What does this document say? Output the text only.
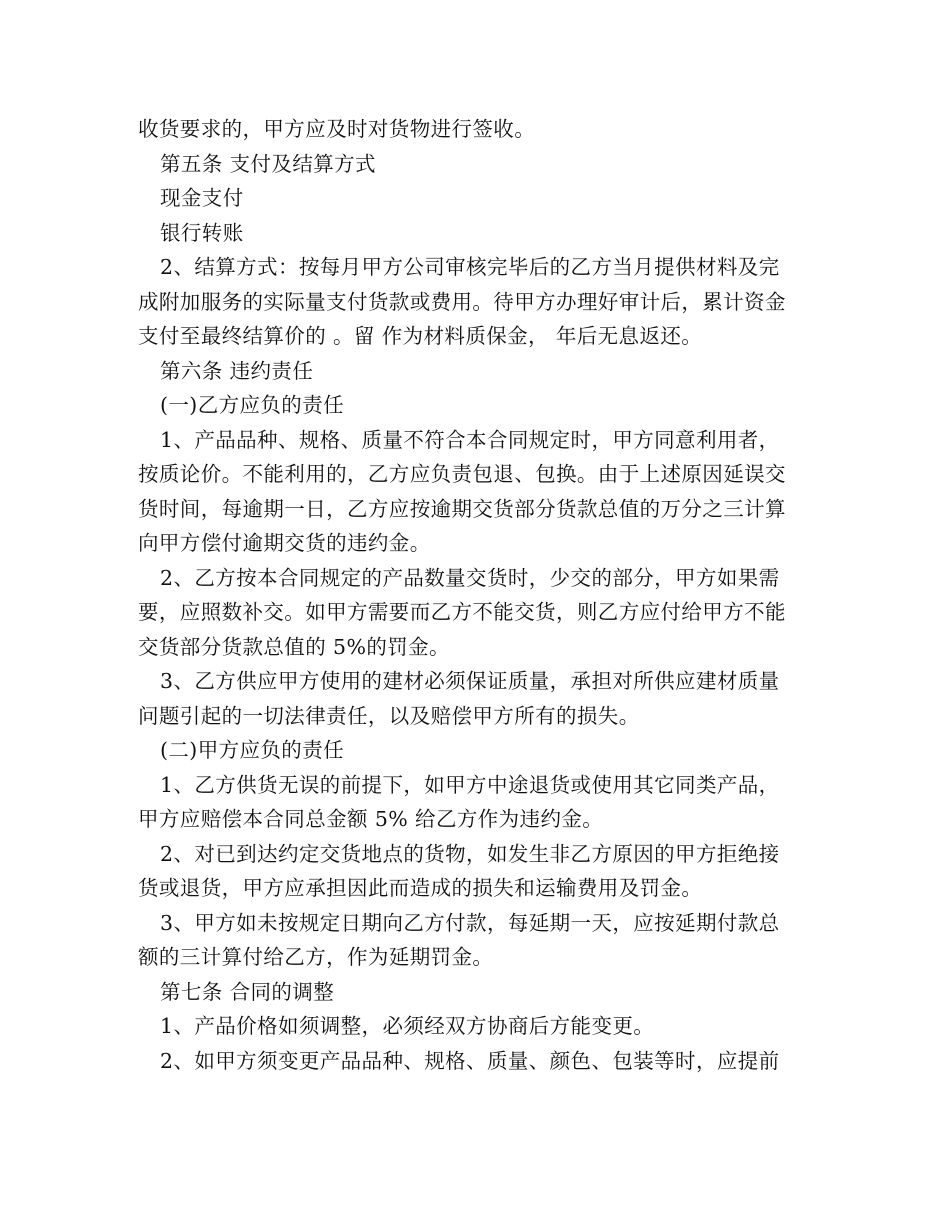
收货要求的，甲方应及时对货物进行签收。
第五条 支付及结算方式
现金支付
银行转账
2、结算方式：按每月甲方公司审核完毕后的乙方当月提供材料及完
成附加服务的实际量支付货款或费用。待甲方办理好审计后，累计资金
支付至最终结算价的 。留 作为材料质保金， 年后无息返还。
第六条 违约责任
(一)乙方应负的责任
1、产品品种、规格、质量不符合本合同规定时，甲方同意利用者，
按质论价。不能利用的，乙方应负责包退、包换。由于上述原因延误交
货时间，每逾期一日，乙方应按逾期交货部分货款总值的万分之三计算
向甲方偿付逾期交货的违约金。
2、乙方按本合同规定的产品数量交货时，少交的部分，甲方如果需
要，应照数补交。如甲方需要而乙方不能交货，则乙方应付给甲方不能
交货部分货款总值的 5%的罚金。
3、乙方供应甲方使用的建材必须保证质量，承担对所供应建材质量
问题引起的一切法律责任，以及赔偿甲方所有的损失。
(二)甲方应负的责任
1、乙方供货无误的前提下，如甲方中途退货或使用其它同类产品，
甲方应赔偿本合同总金额 5% 给乙方作为违约金。
2、对已到达约定交货地点的货物，如发生非乙方原因的甲方拒绝接
货或退货，甲方应承担因此而造成的损失和运输费用及罚金。
3、甲方如未按规定日期向乙方付款，每延期一天，应按延期付款总
额的三计算付给乙方，作为延期罚金。
第七条 合同的调整
1、产品价格如须调整，必须经双方协商后方能变更。
2、如甲方须变更产品品种、规格、质量、颜色、包装等时，应提前
